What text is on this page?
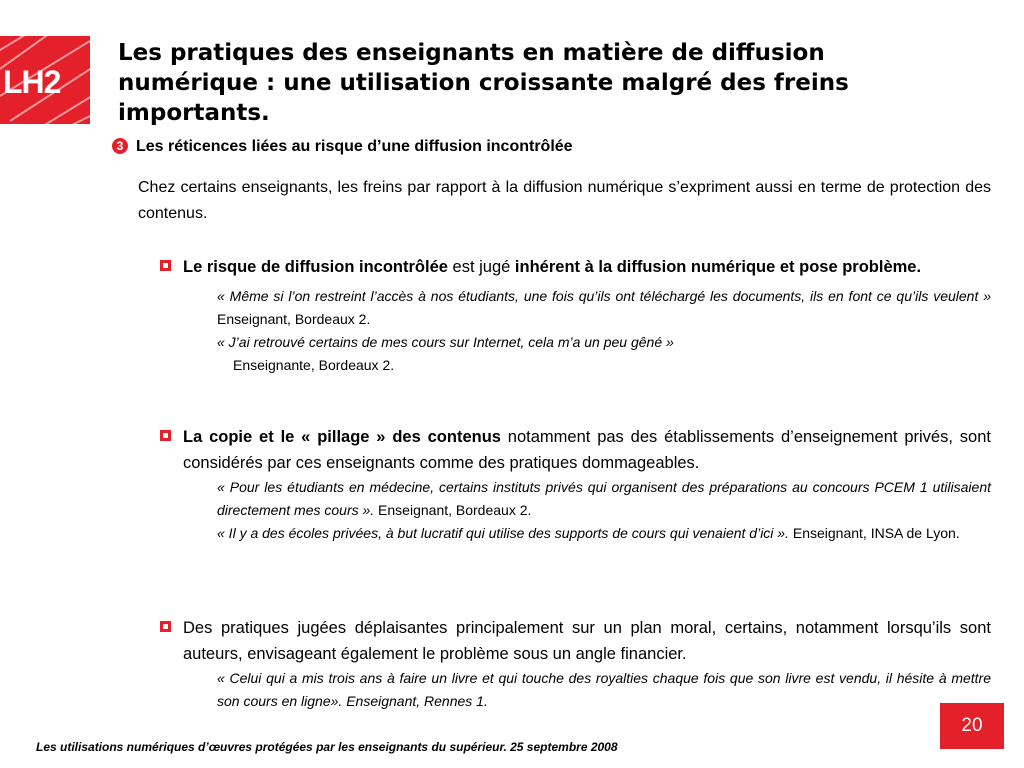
LH2
Les pratiques des enseignants en matière de diffusion numérique : une utilisation croissante malgré des freins importants.
3 Les réticences liées au risque d’une diffusion incontrôlée

Chez certains enseignants, les freins par rapport à la diffusion numérique s’expriment aussi en terme de protection des contenus.

Le risque de diffusion incontrôlée est jugé inhérent à la diffusion numérique et pose problème.
« Même si l’on restreint l’accès à nos étudiants, une fois qu’ils ont téléchargé les documents, ils en font ce qu’ils veulent » Enseignant, Bordeaux 2.
« J’ai retrouvé certains de mes cours sur Internet, cela m’a un peu gêné »
Enseignante, Bordeaux 2.
La copie et le « pillage » des contenus notamment pas des établissements d’enseignement privés, sont considérés par ces enseignants comme des pratiques dommageables.
« Pour les étudiants en médecine, certains instituts privés qui organisent des préparations au concours PCEM 1 utilisaient directement mes cours ». Enseignant, Bordeaux 2.
« Il y a des écoles privées, à but lucratif qui utilise des supports de cours qui venaient d’ici ». Enseignant, INSA de Lyon.
Des pratiques jugées déplaisantes principalement sur un plan moral, certains, notamment lorsqu’ils sont auteurs, envisageant également le problème sous un angle financier.
« Celui qui a mis trois ans à faire un livre et qui touche des royalties chaque fois que son livre est vendu, il hésite à mettre son cours en ligne». Enseignant, Rennes 1.
20
Les utilisations numériques d’œuvres protégées par les enseignants du supérieur. 25 septembre 2008
